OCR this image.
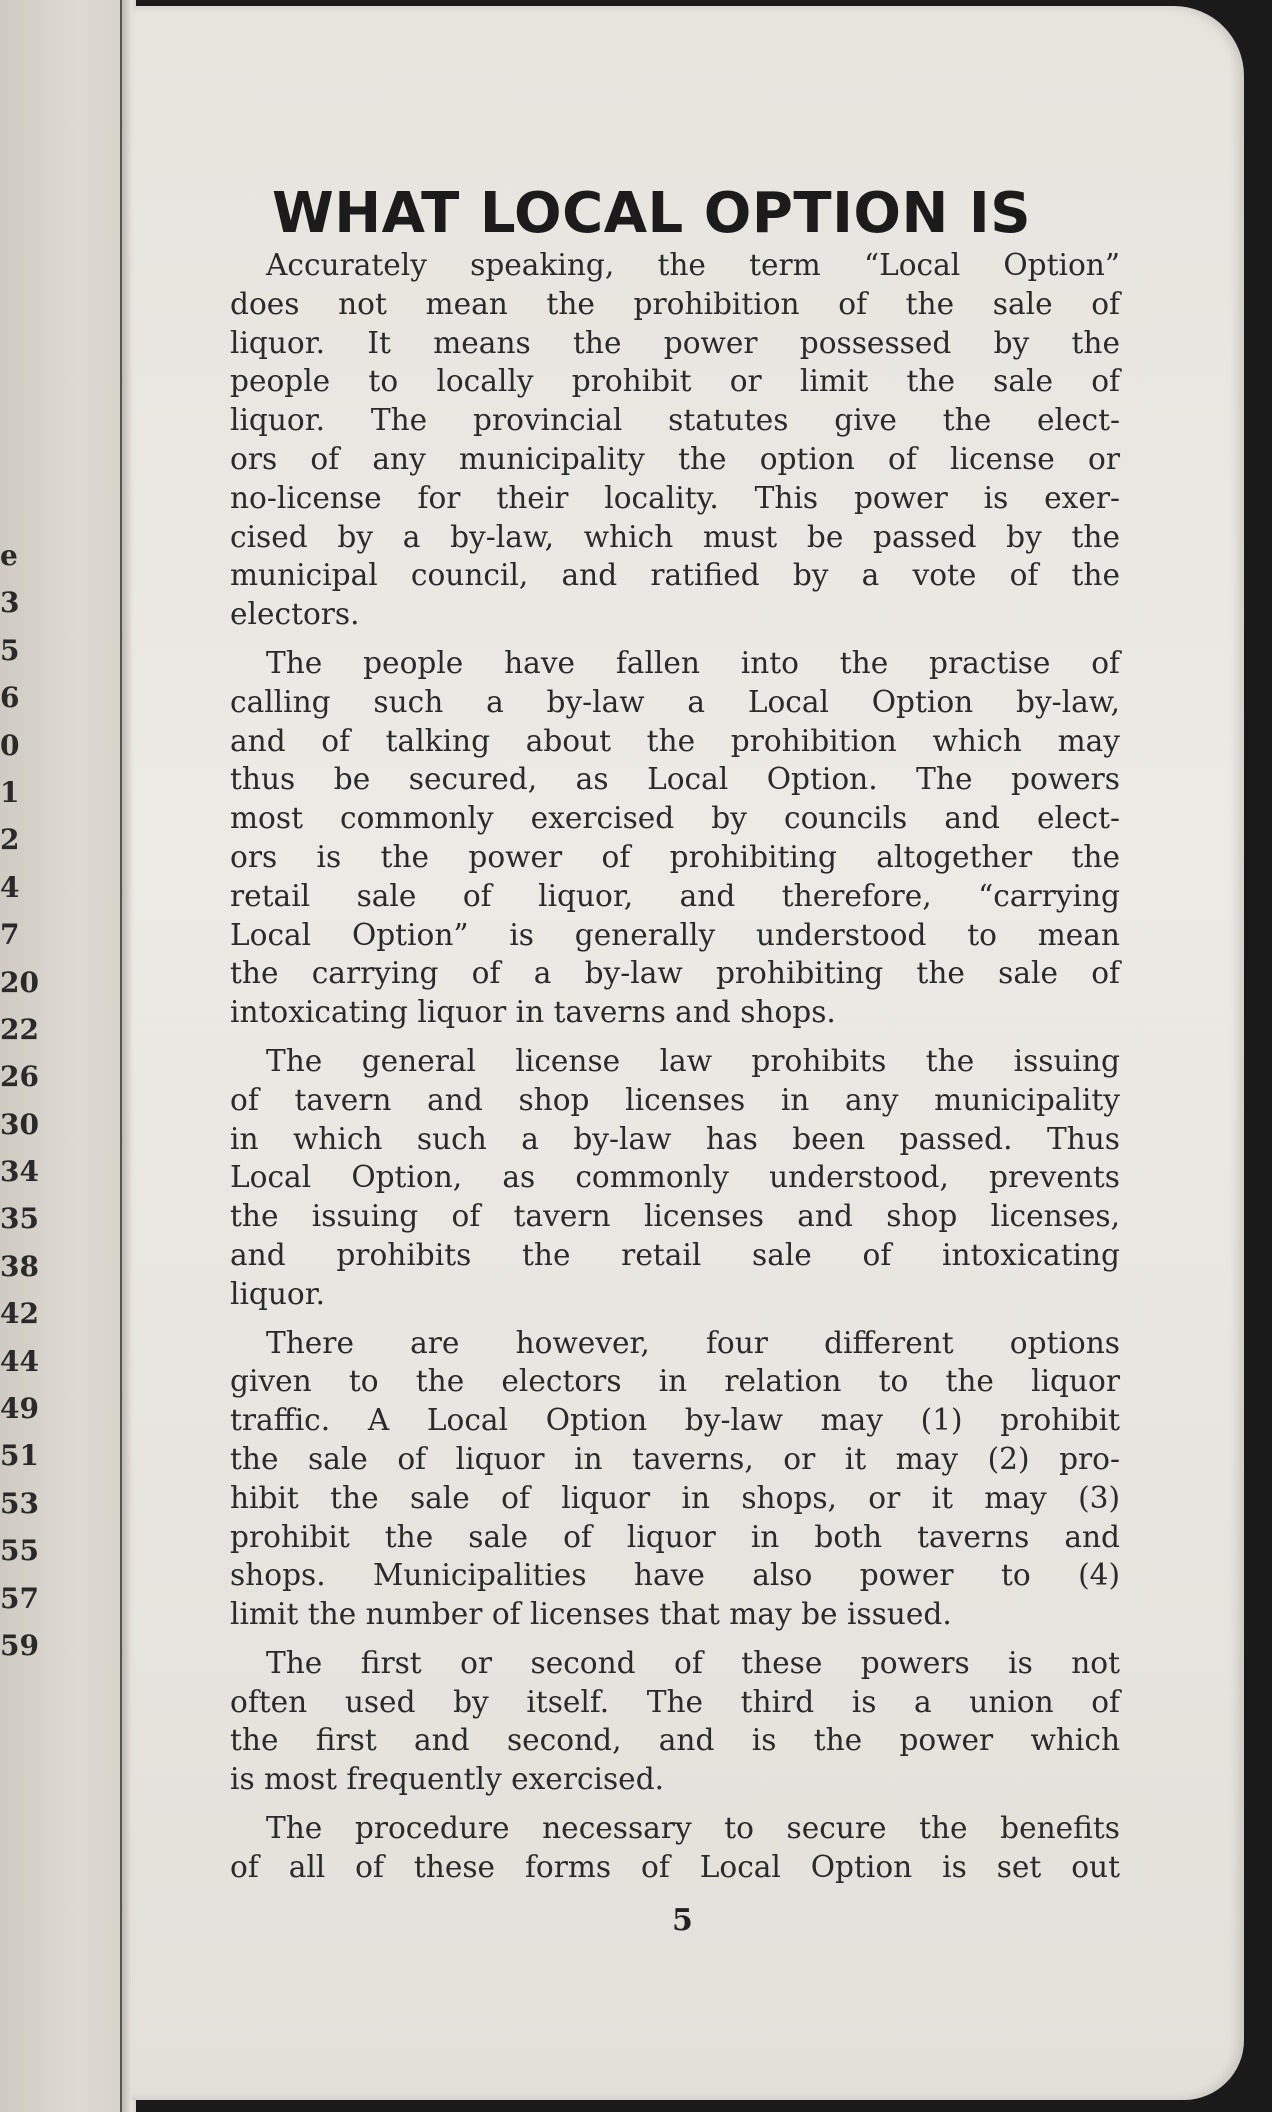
e
3
5
6
0
1
2
4
7
20
22
26
30
34
35
38
42
44
49
51
53
55
57
59
WHAT LOCAL OPTION IS
Accurately speaking, the term “Local Option”
does not mean the prohibition of the sale of
liquor. It means the power possessed by the
people to locally prohibit or limit the sale of
liquor. The provincial statutes give the elect-
ors of any municipality the option of license or
no-license for their locality. This power is exer-
cised by a by-law, which must be passed by the
municipal council, and ratified by a vote of the
electors.
The people have fallen into the practise of
calling such a by-law a Local Option by-law,
and of talking about the prohibition which may
thus be secured, as Local Option. The powers
most commonly exercised by councils and elect-
ors is the power of prohibiting altogether the
retail sale of liquor, and therefore, “carrying
Local Option” is generally understood to mean
the carrying of a by-law prohibiting the sale of
intoxicating liquor in taverns and shops.
The general license law prohibits the issuing
of tavern and shop licenses in any municipality
in which such a by-law has been passed. Thus
Local Option, as commonly understood, prevents
the issuing of tavern licenses and shop licenses,
and prohibits the retail sale of intoxicating
liquor.
There are however, four different options
given to the electors in relation to the liquor
traffic. A Local Option by-law may (1) prohibit
the sale of liquor in taverns, or it may (2) pro-
hibit the sale of liquor in shops, or it may (3)
prohibit the sale of liquor in both taverns and
shops. Municipalities have also power to (4)
limit the number of licenses that may be issued.
The first or second of these powers is not
often used by itself. The third is a union of
the first and second, and is the power which
is most frequently exercised.
The procedure necessary to secure the benefits
of all of these forms of Local Option is set out
5
